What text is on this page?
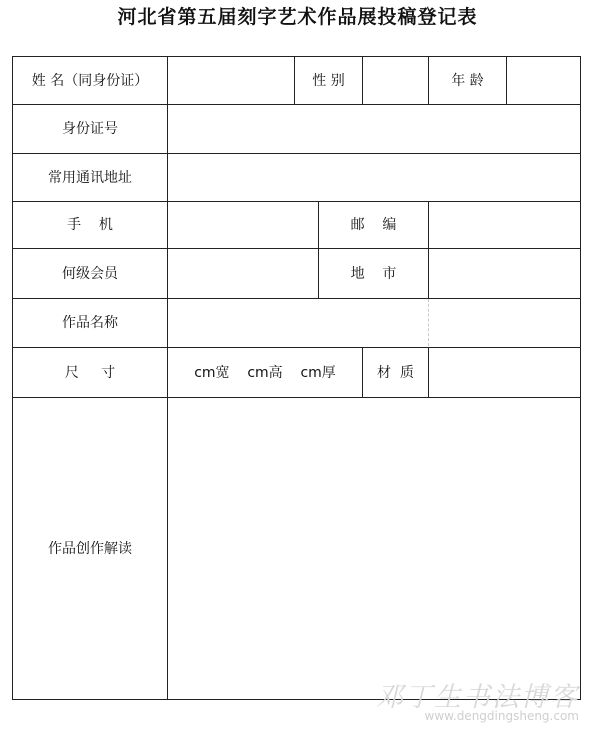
河北省第五届刻字艺术作品展投稿登记表
姓 名（同身份证）	性 别	年 龄
身份证号
常用通讯地址
手    机	邮    编
何级会员	地    市
作品名称
尺     寸	cm宽    cm高    cm厚	材  质
作品创作解读
邓丁生书法博客
www.dengdingsheng.com
